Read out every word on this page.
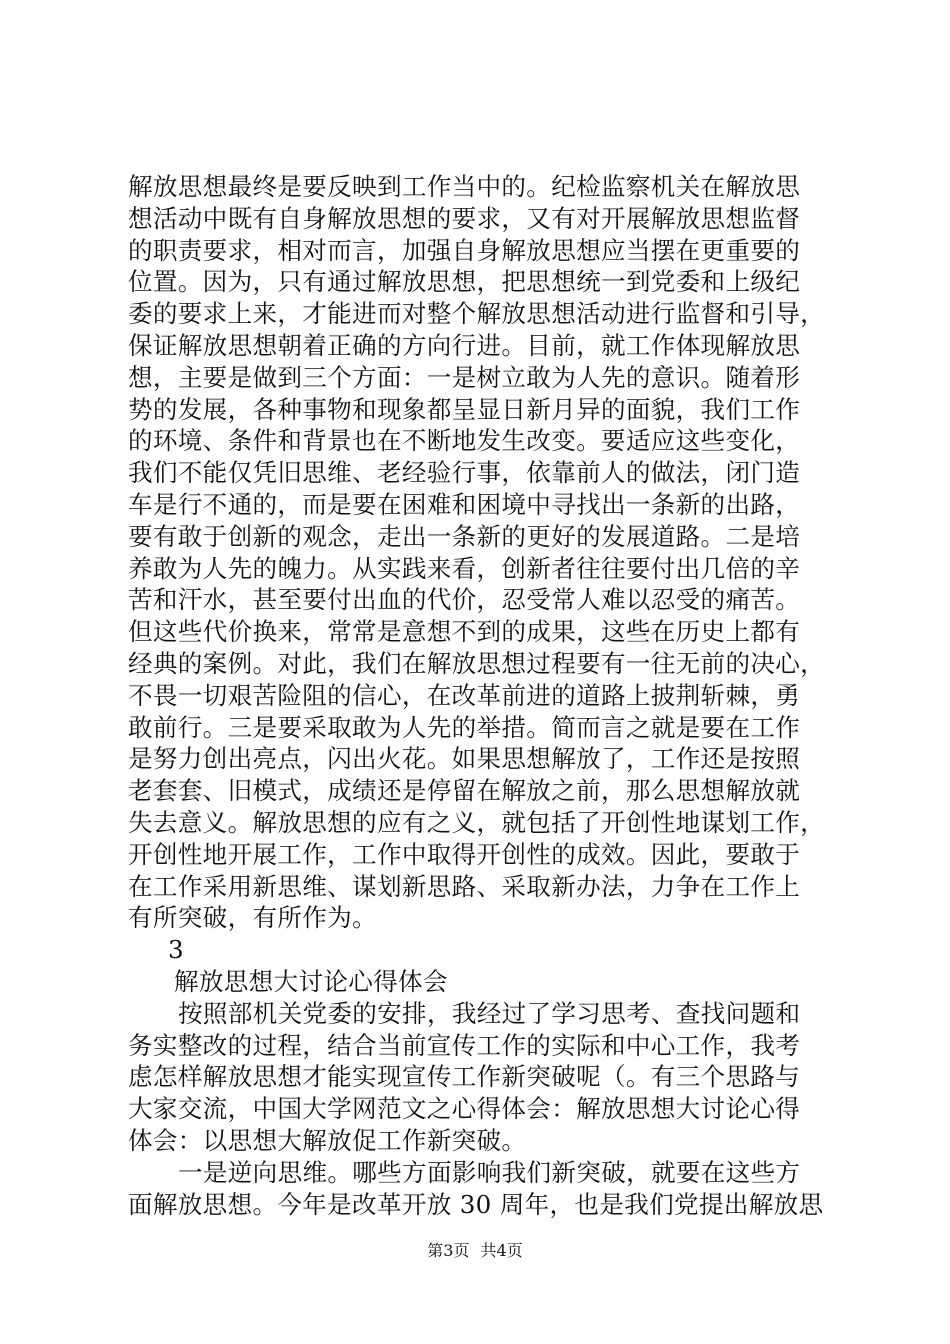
解放思想最终是要反映到工作当中的。纪检监察机关在解放思
想活动中既有自身解放思想的要求，又有对开展解放思想监督
的职责要求，相对而言，加强自身解放思想应当摆在更重要的
位置。因为，只有通过解放思想，把思想统一到党委和上级纪
委的要求上来，才能进而对整个解放思想活动进行监督和引导，
保证解放思想朝着正确的方向行进。目前，就工作体现解放思
想，主要是做到三个方面：一是树立敢为人先的意识。随着形
势的发展，各种事物和现象都呈显日新月异的面貌，我们工作
的环境、条件和背景也在不断地发生改变。要适应这些变化，
我们不能仅凭旧思维、老经验行事，依靠前人的做法，闭门造
车是行不通的，而是要在困难和困境中寻找出一条新的出路，
要有敢于创新的观念，走出一条新的更好的发展道路。二是培
养敢为人先的魄力。从实践来看，创新者往往要付出几倍的辛
苦和汗水，甚至要付出血的代价，忍受常人难以忍受的痛苦。
但这些代价换来，常常是意想不到的成果，这些在历史上都有
经典的案例。对此，我们在解放思想过程要有一往无前的决心，
不畏一切艰苦险阻的信心，在改革前进的道路上披荆斩棘，勇
敢前行。三是要采取敢为人先的举措。简而言之就是要在工作
是努力创出亮点，闪出火花。如果思想解放了，工作还是按照
老套套、旧模式，成绩还是停留在解放之前，那么思想解放就
失去意义。解放思想的应有之义，就包括了开创性地谋划工作，
开创性地开展工作，工作中取得开创性的成效。因此，要敢于
在工作采用新思维、谋划新思路、采取新办法，力争在工作上
有所突破，有所作为。
3
解放思想大讨论心得体会
按照部机关党委的安排，我经过了学习思考、查找问题和
务实整改的过程，结合当前宣传工作的实际和中心工作，我考
虑怎样解放思想才能实现宣传工作新突破呢（。有三个思路与
大家交流，中国大学网范文之心得体会：解放思想大讨论心得
体会：以思想大解放促工作新突破。
一是逆向思维。哪些方面影响我们新突破，就要在这些方
面解放思想。今年是改革开放 30 周年，也是我们党提出解放思
第3页 共4页
